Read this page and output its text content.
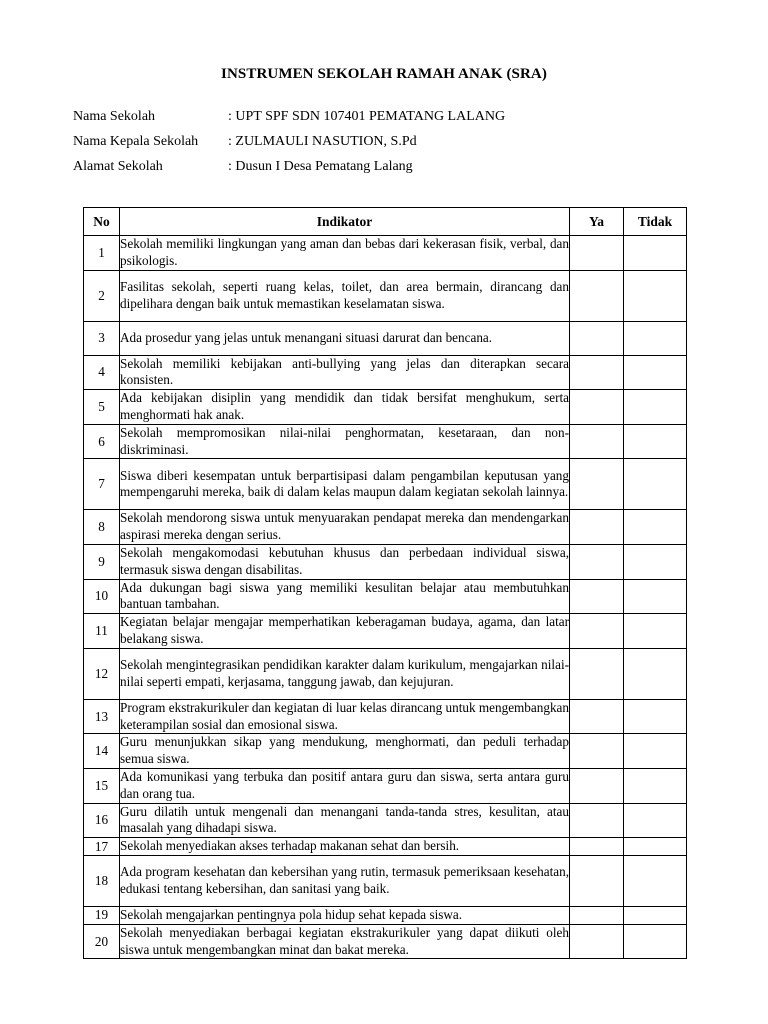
INSTRUMEN SEKOLAH RAMAH ANAK (SRA)
Nama Sekolah	: UPT SPF SDN 107401 PEMATANG LALANG
Nama Kepala Sekolah : ZULMAULI NASUTION, S.Pd
Alamat Sekolah	: Dusun I Desa Pematang Lalang
No	Indikator	Ya	Tidak
1	Sekolah memiliki lingkungan yang aman dan bebas dari kekerasan fisik, verbal, dan psikologis.		
2	Fasilitas sekolah, seperti ruang kelas, toilet, dan area bermain, dirancang dan dipelihara dengan baik untuk memastikan keselamatan siswa.		
3	Ada prosedur yang jelas untuk menangani situasi darurat dan bencana.		
4	Sekolah memiliki kebijakan anti-bullying yang jelas dan diterapkan secara konsisten.		
5	Ada kebijakan disiplin yang mendidik dan tidak bersifat menghukum, serta menghormati hak anak.		
6	Sekolah mempromosikan nilai-nilai penghormatan, kesetaraan, dan non-diskriminasi.		
7	Siswa diberi kesempatan untuk berpartisipasi dalam pengambilan keputusan yang mempengaruhi mereka, baik di dalam kelas maupun dalam kegiatan sekolah lainnya.		
8	Sekolah mendorong siswa untuk menyuarakan pendapat mereka dan mendengarkan aspirasi mereka dengan serius.		
9	Sekolah mengakomodasi kebutuhan khusus dan perbedaan individual siswa, termasuk siswa dengan disabilitas.		
10	Ada dukungan bagi siswa yang memiliki kesulitan belajar atau membutuhkan bantuan tambahan.		
11	Kegiatan belajar mengajar memperhatikan keberagaman budaya, agama, dan latar belakang siswa.		
12	Sekolah mengintegrasikan pendidikan karakter dalam kurikulum, mengajarkan nilai-nilai seperti empati, kerjasama, tanggung jawab, dan kejujuran.		
13	Program ekstrakurikuler dan kegiatan di luar kelas dirancang untuk mengembangkan keterampilan sosial dan emosional siswa.		
14	Guru menunjukkan sikap yang mendukung, menghormati, dan peduli terhadap semua siswa.		
15	Ada komunikasi yang terbuka dan positif antara guru dan siswa, serta antara guru dan orang tua.		
16	Guru dilatih untuk mengenali dan menangani tanda-tanda stres, kesulitan, atau masalah yang dihadapi siswa.		
17	Sekolah menyediakan akses terhadap makanan sehat dan bersih.		
18	Ada program kesehatan dan kebersihan yang rutin, termasuk pemeriksaan kesehatan, edukasi tentang kebersihan, dan sanitasi yang baik.		
19	Sekolah mengajarkan pentingnya pola hidup sehat kepada siswa.		
20	Sekolah menyediakan berbagai kegiatan ekstrakurikuler yang dapat diikuti oleh siswa untuk mengembangkan minat dan bakat mereka.		
